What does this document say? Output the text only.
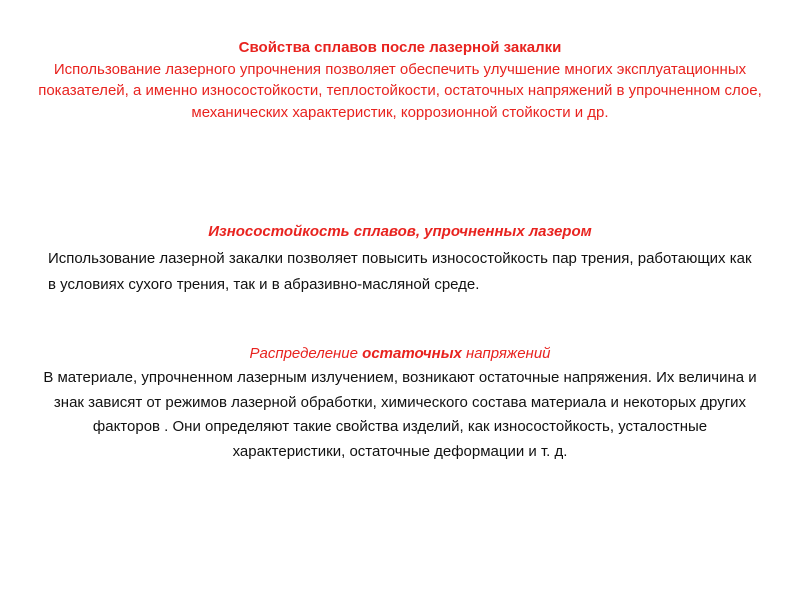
Свойства сплавов после лазерной закалки
Использование лазерного упрочнения позволяет обеспечить улучшение многих эксплуатационных показателей, а именно износостойкости, теплостойкости, остаточных напряжений в упрочненном слое, механических характеристик, коррозионной стойкости и др.
Износостойкость сплавов, упрочненных лазером
Использование лазерной закалки позволяет повысить износостойкость пар трения, работающих как в условиях сухого трения, так и в абразивно-масляной среде.
Распределение остаточных напряжений
В материале, упрочненном лазерным излучением, возникают остаточные напряжения. Их величина и знак зависят от режимов лазерной обработки, химического состава материала и некоторых других факторов . Они определяют такие свойства изделий, как износостойкость, усталостные характеристики, остаточные деформации и т. д.
